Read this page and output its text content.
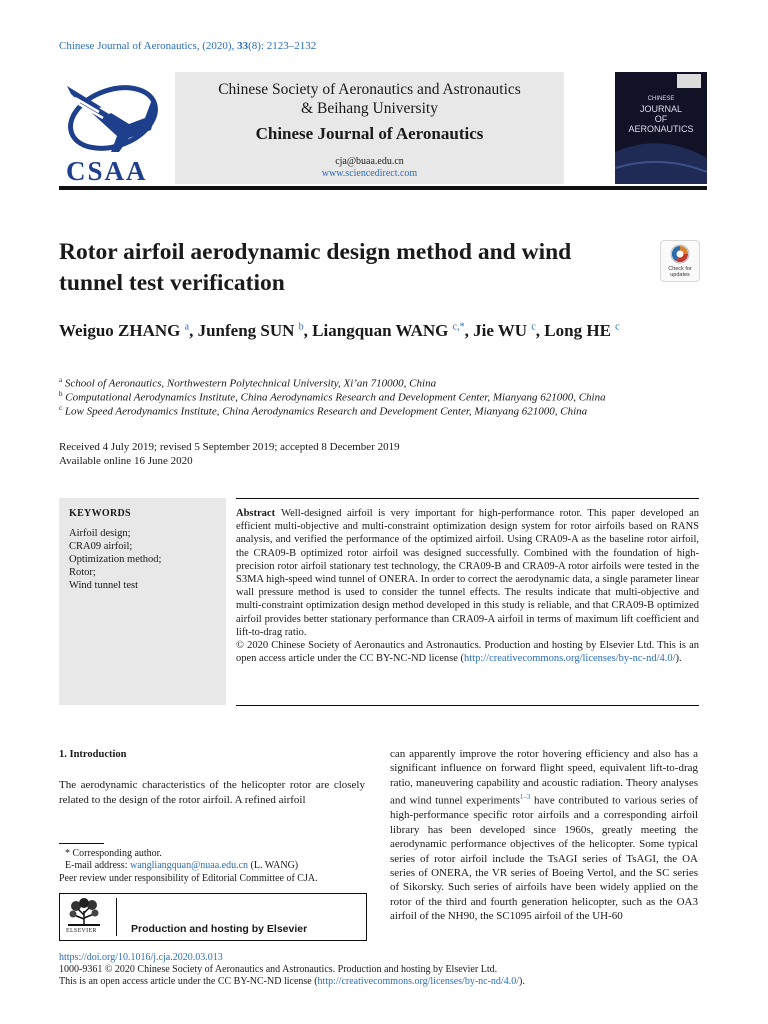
Chinese Journal of Aeronautics, (2020), 33(8): 2123–2132
CSAA
Chinese Society of Aeronautics and Astronautics
& Beihang University
Chinese Journal of Aeronautics
cja@buaa.edu.cn
www.sciencedirect.com
CHINESE
JOURNAL
OF
AERONAUTICS
Rotor airfoil aerodynamic design method and wind
tunnel test verification
Check for
updates
Weiguo ZHANG $^a$, Junfeng SUN $^b$, Liangquan WANG $^{c,*}$, Jie WU $^c$, Long HE $^c$
$^a$ School of Aeronautics, Northwestern Polytechnical University, Xi’an 710000, China
$^b$ Computational Aerodynamics Institute, China Aerodynamics Research and Development Center, Mianyang 621000, China
$^c$ Low Speed Aerodynamics Institute, China Aerodynamics Research and Development Center, Mianyang 621000, China
Received 4 July 2019; revised 5 September 2019; accepted 8 December 2019
Available online 16 June 2020
KEYWORDS
Airfoil design;
CRA09 airfoil;
Optimization method;
Rotor;
Wind tunnel test
Abstract Well-designed airfoil is very important for high-performance rotor. This paper developed an efficient multi-objective and multi-constraint optimization design system for rotor airfoils based on RANS analysis, and verified the performance of the optimized airfoil. Using CRA09-A as the baseline rotor airfoil, the CRA09-B optimized rotor airfoil was designed successfully. Combined with the foundation of high-precision rotor airfoil stationary test technology, the CRA09-B and CRA09-A rotor airfoils were tested in the S3MA high-speed wind tunnel of ONERA. In order to correct the aerodynamic data, a single parameter linear wall pressure method is used to consider the tunnel effects. The results indicate that multi-objective and multi-constraint optimization design method developed in this study is reliable, and that CRA09-B optimized airfoil provides better stationary performance than CRA09-A airfoil in terms of maximum lift coefficient and lift-to-drag ratio.
© 2020 Chinese Society of Aeronautics and Astronautics. Production and hosting by Elsevier Ltd. This is an open access article under the CC BY-NC-ND license (http://creativecommons.org/licenses/by-nc-nd/4.0/).
1. Introduction
The aerodynamic characteristics of the helicopter rotor are closely related to the design of the rotor airfoil. A refined airfoil
can apparently improve the rotor hovering efficiency and also has a significant influence on forward flight speed, equivalent lift-to-drag ratio, maneuvering capability and acoustic radiation. Theory analyses and wind tunnel experiments$^{1-3}$ have contributed to various series of high-performance specific rotor airfoils and a corresponding airfoil library has been developed since 1960s, greatly meeting the aerodynamic performance objectives of the helicopter. Some typical series of rotor airfoil include the TsAGI series of TsAGI, the OA series of ONERA, the VR series of Boeing Vertol, and the SC series of Sikorsky. Such series of airfoils have been widely applied on the rotor of the third and fourth generation helicopter, such as the OA3 airfoil of the NH90, the SC1095 airfoil of the UH-60
* Corresponding author.
E-mail address: wangliangquan@nuaa.edu.cn (L. WANG)
Peer review under responsibility of Editorial Committee of CJA.
ELSEVIER	Production and hosting by Elsevier
https://doi.org/10.1016/j.cja.2020.03.013
1000-9361 © 2020 Chinese Society of Aeronautics and Astronautics. Production and hosting by Elsevier Ltd.
This is an open access article under the CC BY-NC-ND license (http://creativecommons.org/licenses/by-nc-nd/4.0/).
